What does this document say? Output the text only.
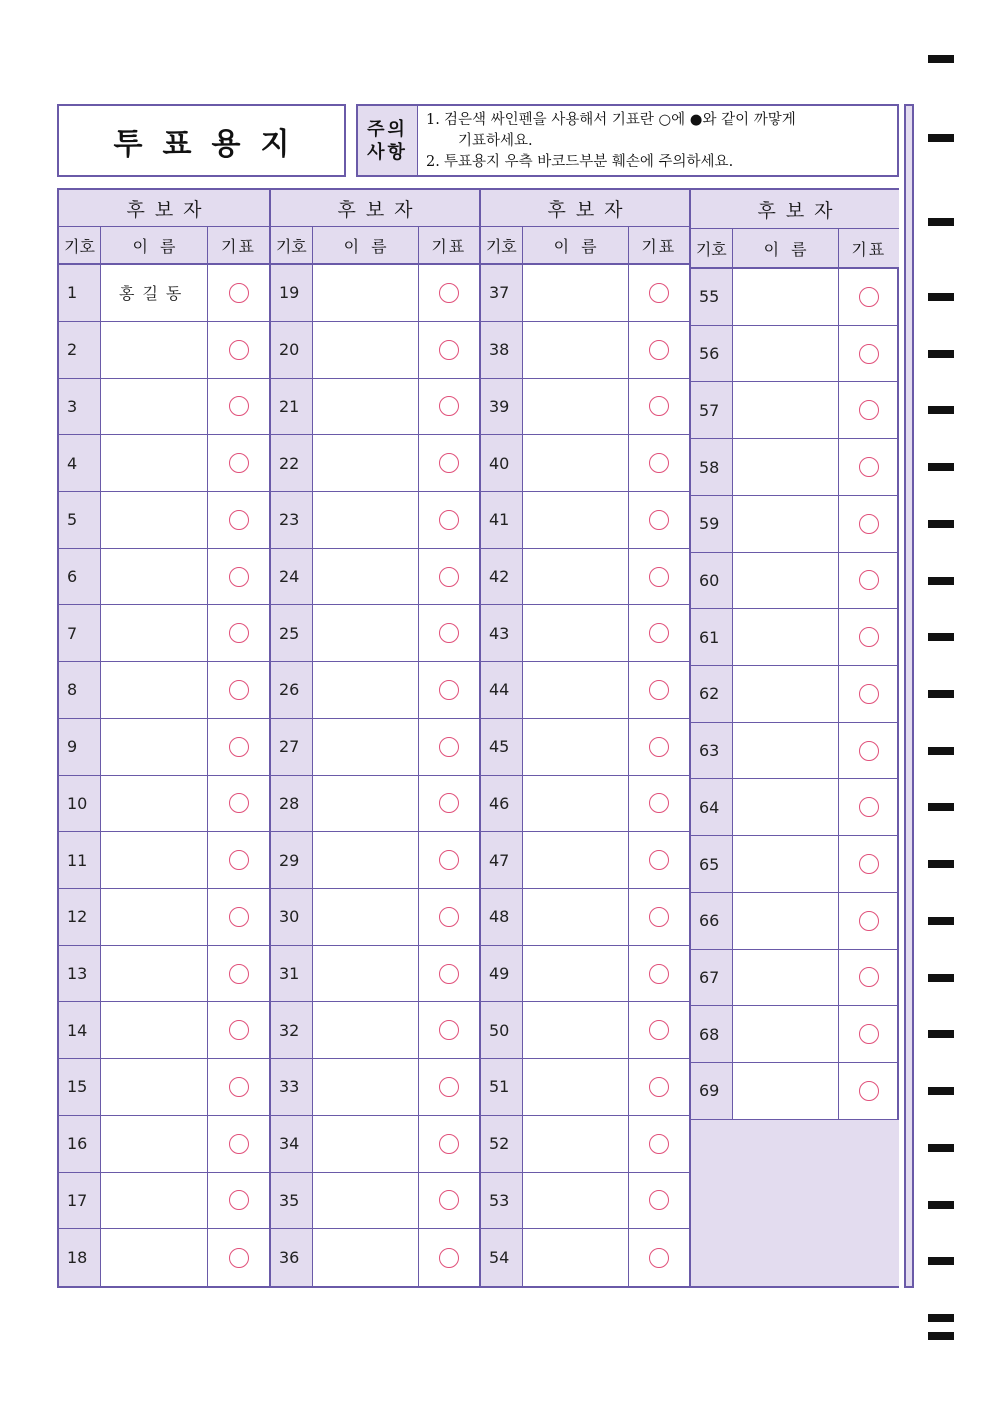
투표용지	주의
사항
1. 검은색 싸인펜을 사용해서 기표란 ○에 ●와 같이 까맣게
기표하세요.
2. 투표용지 우측 바코드부분 훼손에 주의하세요.
후보자
기호	이름	기표
1	홍길동
2
3
4
5
6
7
8
9
10
11
12
13
14
15
16
17
18
후보자
기호	이름	기표
19
20
21
22
23
24
25
26
27
28
29
30
31
32
33
34
35
36
후보자
기호	이름	기표
37
38
39
40
41
42
43
44
45
46
47
48
49
50
51
52
53
54
후보자
기호	이름	기표
55
56
57
58
59
60
61
62
63
64
65
66
67
68
69
